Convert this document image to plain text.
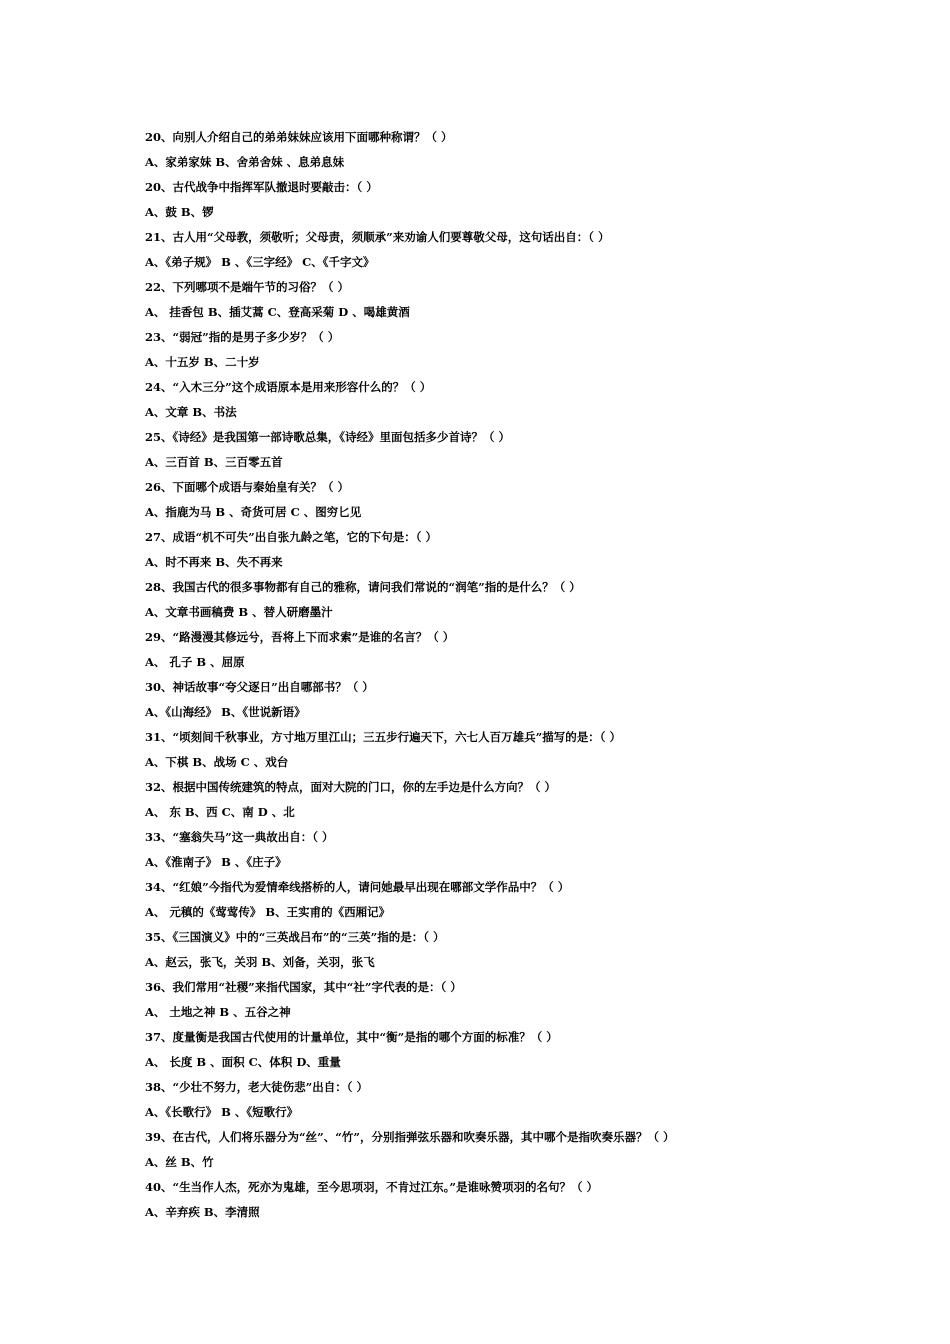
20、向别人介绍自己的弟弟妹妹应该用下面哪种称谓？（ ）
A、家弟家妹 B、舍弟舍妹 、息弟息妹
20、古代战争中指挥军队撤退时要敲击：（ ）
A、鼓 B、锣
21、古人用“父母教，须敬听；父母责，须顺承”来劝谕人们要尊敬父母，这句话出自：（ ）
A、《弟子规》 B 、《三字经》 C、《千字文》
22、下列哪项不是端午节的习俗？（ ）
A、 挂香包 B、插艾蒿 C、登高采菊 D 、喝雄黄酒
23、“弱冠”指的是男子多少岁？（ ）
A、十五岁 B、二十岁
24、“入木三分”这个成语原本是用来形容什么的？（ ）
A、文章 B、书法
25、《诗经》是我国第一部诗歌总集，《诗经》里面包括多少首诗？（ ）
A、三百首 B、三百零五首
26、下面哪个成语与秦始皇有关？（ ）
A、指鹿为马 B 、奇货可居 C 、图穷匕见
27、成语“机不可失”出自张九龄之笔，它的下句是：（ ）
A、时不再来 B、失不再来
28、我国古代的很多事物都有自己的雅称，请问我们常说的“润笔”指的是什么？（ ）
A、文章书画稿费 B 、替人研磨墨汁
29、“路漫漫其修远兮，吾将上下而求索”是谁的名言？（ ）
A、 孔子 B 、屈原
30、神话故事“夸父逐日”出自哪部书？（ ）
A、《山海经》 B、《世说新语》
31、“顷刻间千秋事业，方寸地万里江山；三五步行遍天下，六七人百万雄兵”描写的是：（ ）
A、下棋 B、战场 C 、戏台
32、根据中国传统建筑的特点，面对大院的门口，你的左手边是什么方向？（ ）
A、 东 B、西 C、南 D 、北
33、“塞翁失马”这一典故出自：（ ）
A、《淮南子》 B 、《庄子》
34、“红娘”今指代为爱情牵线搭桥的人，请问她最早出现在哪部文学作品中？（ ）
A、 元稹的《莺莺传》 B、王实甫的《西厢记》
35、《三国演义》中的“三英战吕布”的“三英”指的是：（ ）
A、赵云，张飞，关羽 B、刘备，关羽，张飞
36、我们常用“社稷”来指代国家，其中“社”字代表的是：（ ）
A、 土地之神 B 、五谷之神
37、度量衡是我国古代使用的计量单位，其中“衡”是指的哪个方面的标准？（ ）
A、 长度 B 、面积 C、体积 D、重量
38、“少壮不努力，老大徒伤悲”出自：（ ）
A、《长歌行》 B 、《短歌行》
39、在古代，人们将乐器分为“丝”、“竹”，分别指弹弦乐器和吹奏乐器，其中哪个是指吹奏乐器？（ ）
A、丝 B、竹
40、“生当作人杰，死亦为鬼雄，至今思项羽，不肯过江东。”是谁咏赞项羽的名句？（ ）
A、辛弃疾 B、李清照
